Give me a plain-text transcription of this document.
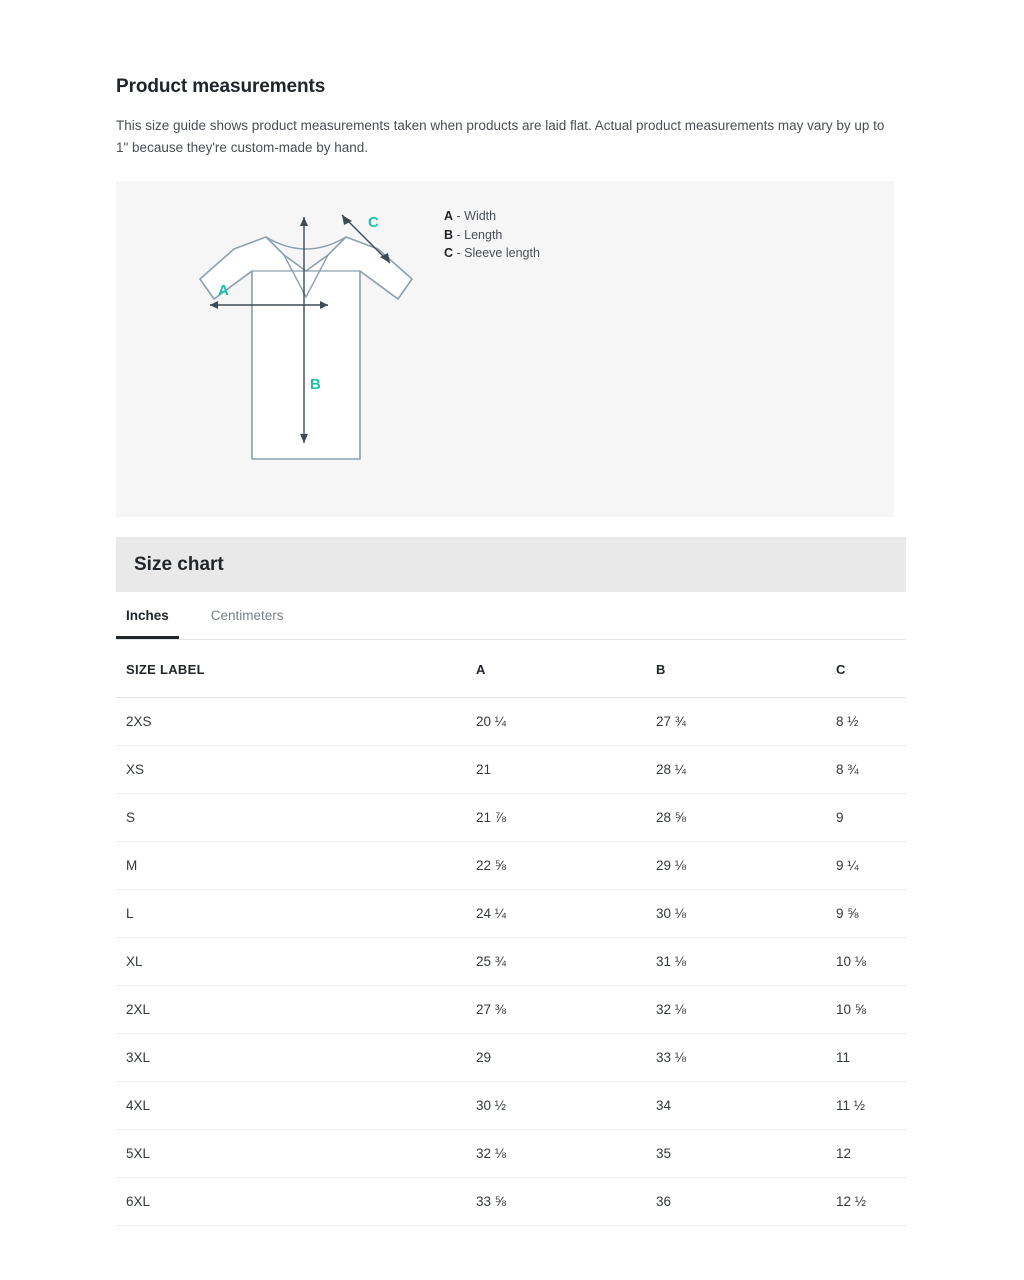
Product measurements

This size guide shows product measurements taken when products are laid flat. Actual product measurements may vary by up to 1" because they're custom-made by hand.

A
B
C	A - Width
B - Length
C - Sleeve length
Size chart
Inches	Centimeters
SIZE LABEL	A	B	C
2XS	20 ¼	27 ¾	8 ½
XS	21	28 ¼	8 ¾
S	21 ⅞	28 ⅝	9
M	22 ⅝	29 ⅛	9 ¼
L	24 ¼	30 ⅛	9 ⅝
XL	25 ¾	31 ⅛	10 ⅛
2XL	27 ⅜	32 ⅛	10 ⅝
3XL	29	33 ⅛	11
4XL	30 ½	34	11 ½
5XL	32 ⅛	35	12
6XL	33 ⅝	36	12 ½
